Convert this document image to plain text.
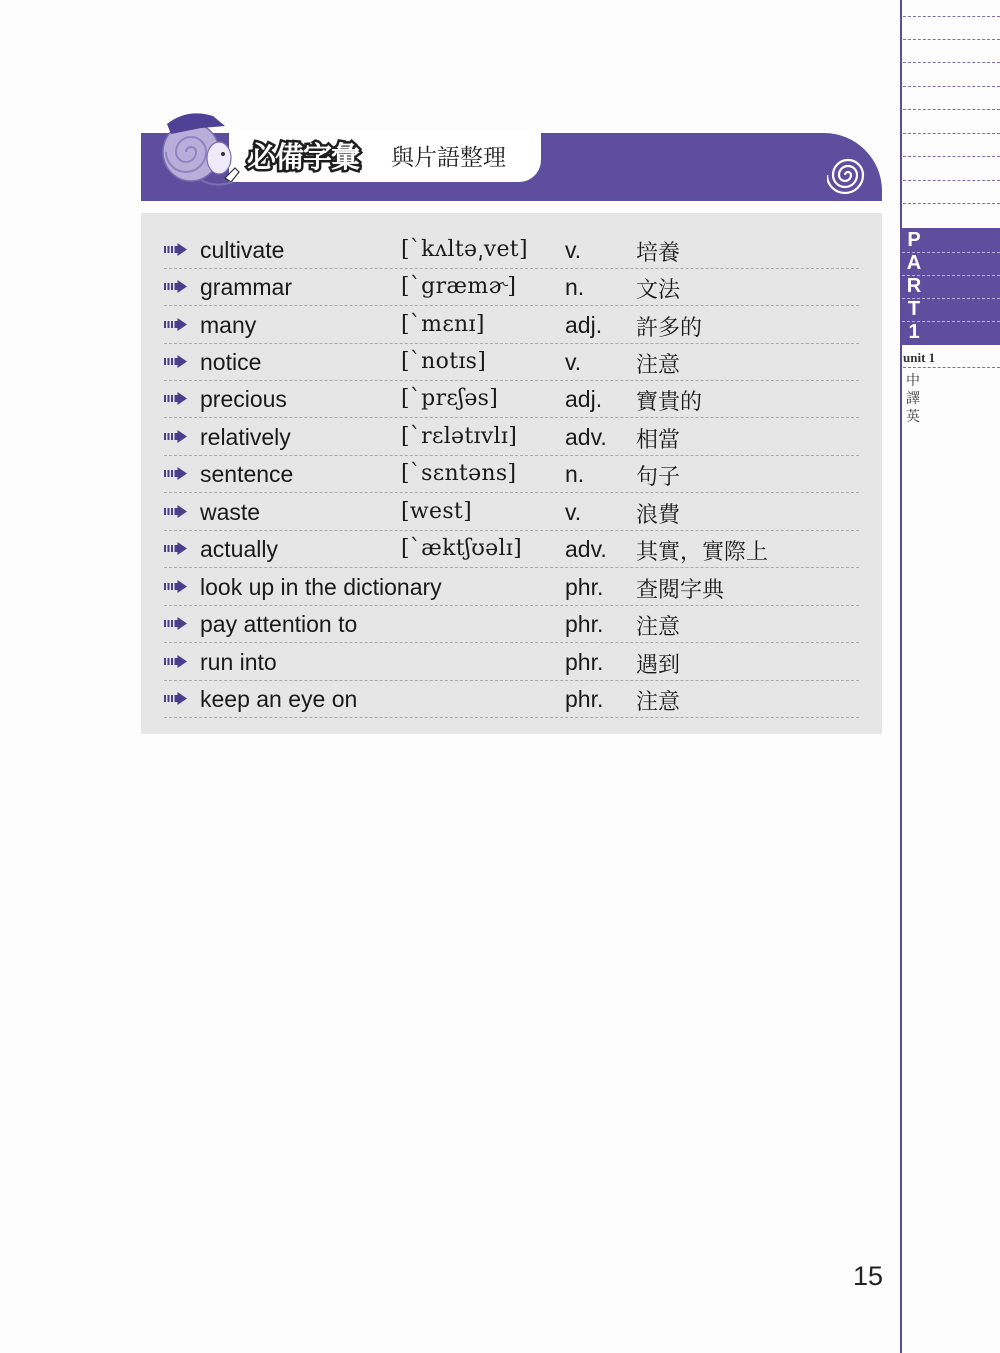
P
A
R
T
1
unit 1
中譯英
必備字彙 與片語整理
cultivate	[ˋkʌltə͵vet] v. 培養
grammar	[ˋgræmɚ] n. 文法
many	[ˋmɛnɪ]	adj. 許多的
notice	[ˋnotɪs]	v. 注意
precious	[ˋprɛʃəs]	adj. 寶貴的
relatively	[ˋrɛlətɪvlɪ] adv. 相當
sentence	[ˋsɛntəns] n. 句子
waste	[west]	v. 浪費
actually	[ˋæktʃʊəlɪ] adv. 其實，實際上
look up in the dictionary	phr. 查閱字典
pay attention to	phr. 注意
run into	phr. 遇到
keep an eye on	phr. 注意
15
